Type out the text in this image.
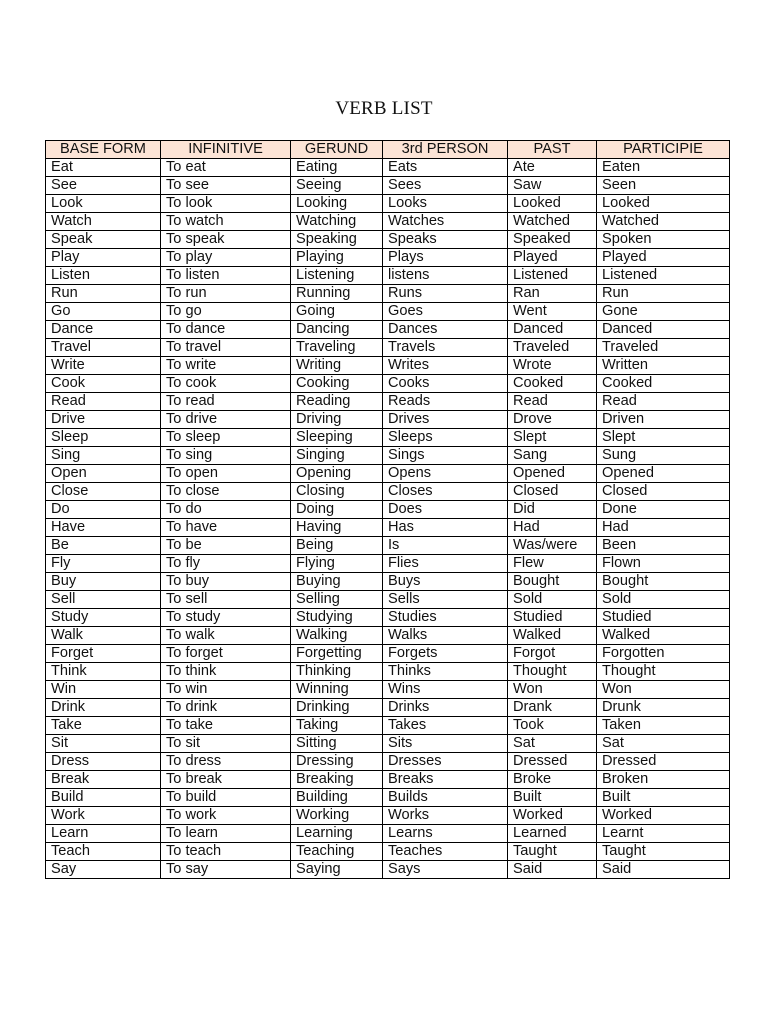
VERB LIST
BASE FORM	INFINITIVE	GERUND	3rd PERSON	PAST	PARTICIPIE
Eat	To eat	Eating	Eats	Ate	Eaten
See	To see	Seeing	Sees	Saw	Seen
Look	To look	Looking	Looks	Looked	Looked
Watch	To watch	Watching	Watches	Watched	Watched
Speak	To speak	Speaking	Speaks	Speaked	Spoken
Play	To play	Playing	Plays	Played	Played
Listen	To listen	Listening	listens	Listened	Listened
Run	To run	Running	Runs	Ran	Run
Go	To go	Going	Goes	Went	Gone
Dance	To dance	Dancing	Dances	Danced	Danced
Travel	To travel	Traveling	Travels	Traveled	Traveled
Write	To write	Writing	Writes	Wrote	Written
Cook	To cook	Cooking	Cooks	Cooked	Cooked
Read	To read	Reading	Reads	Read	Read
Drive	To drive	Driving	Drives	Drove	Driven
Sleep	To sleep	Sleeping	Sleeps	Slept	Slept
Sing	To sing	Singing	Sings	Sang	Sung
Open	To open	Opening	Opens	Opened	Opened
Close	To close	Closing	Closes	Closed	Closed
Do	To do	Doing	Does	Did	Done
Have	To have	Having	Has	Had	Had
Be	To be	Being	Is	Was/were	Been
Fly	To fly	Flying	Flies	Flew	Flown
Buy	To buy	Buying	Buys	Bought	Bought
Sell	To sell	Selling	Sells	Sold	Sold
Study	To study	Studying	Studies	Studied	Studied
Walk	To walk	Walking	Walks	Walked	Walked
Forget	To forget	Forgetting	Forgets	Forgot	Forgotten
Think	To think	Thinking	Thinks	Thought	Thought
Win	To win	Winning	Wins	Won	Won
Drink	To drink	Drinking	Drinks	Drank	Drunk
Take	To take	Taking	Takes	Took	Taken
Sit	To sit	Sitting	Sits	Sat	Sat
Dress	To dress	Dressing	Dresses	Dressed	Dressed
Break	To break	Breaking	Breaks	Broke	Broken
Build	To build	Building	Builds	Built	Built
Work	To work	Working	Works	Worked	Worked
Learn	To learn	Learning	Learns	Learned	Learnt
Teach	To teach	Teaching	Teaches	Taught	Taught
Say	To say	Saying	Says	Said	Said
